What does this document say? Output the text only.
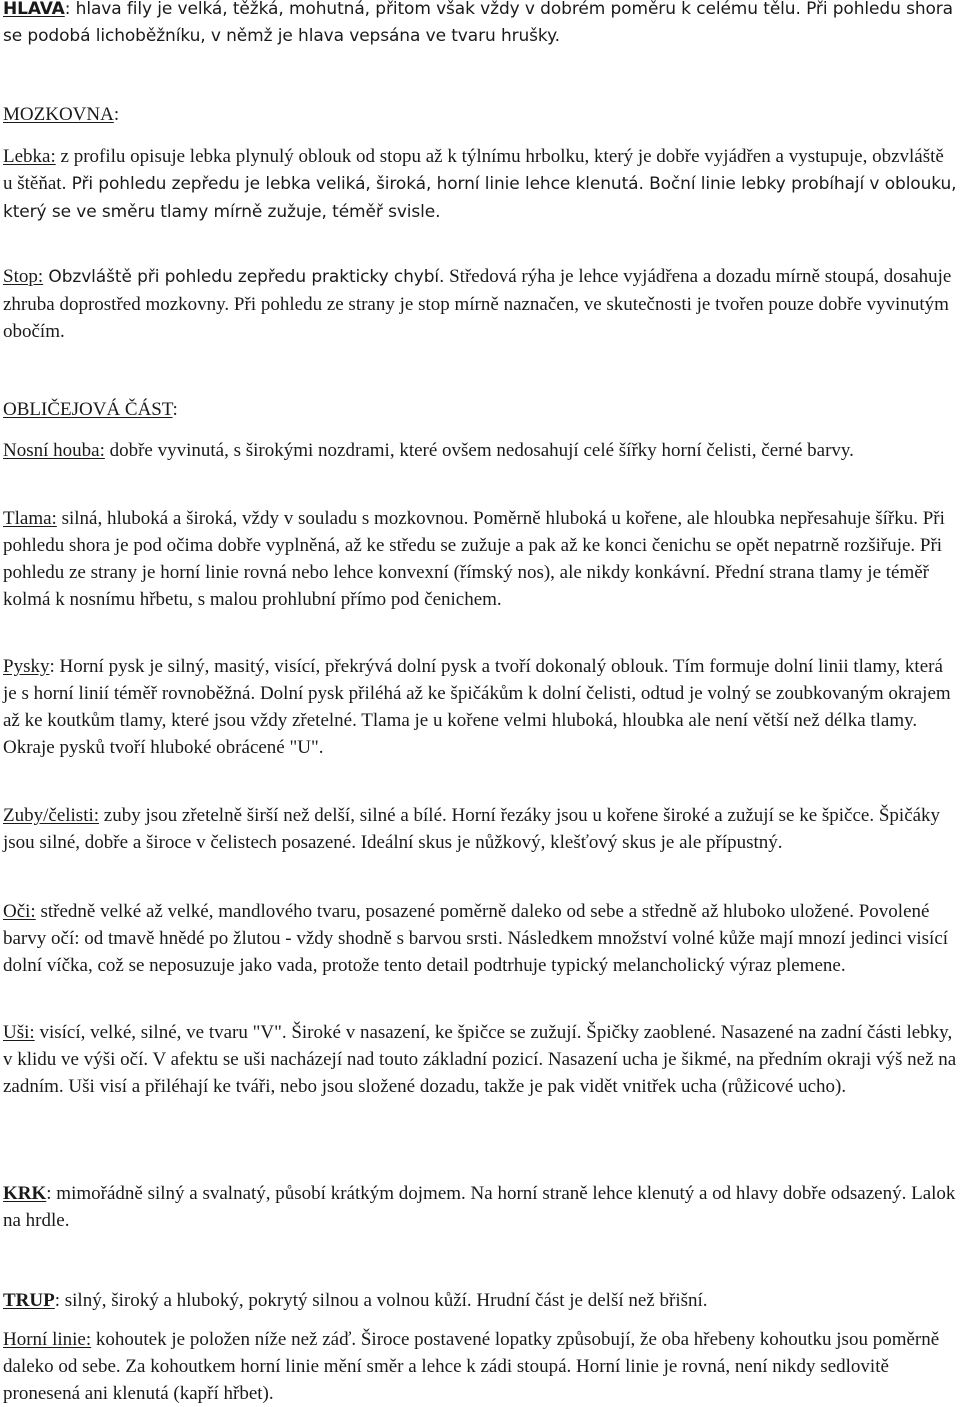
HLAVA: hlava fily je velká, těžká, mohutná, přitom však vždy v dobrém poměru k celému tělu. Při pohledu shora se podobá lichoběžníku, v němž je hlava vepsána ve tvaru hrušky.

MOZKOVNA:

Lebka: z profilu opisuje lebka plynulý oblouk od stopu až k týlnímu hrbolku, který je dobře vyjádřen a vystupuje, obzvláště u štěňat. Při pohledu zepředu je lebka veliká, široká, horní linie lehce klenutá. Boční linie lebky probíhají v oblouku, který se ve směru tlamy mírně zužuje, téměř svisle.

Stop: Obzvláště při pohledu zepředu prakticky chybí. Středová rýha je lehce vyjádřena a dozadu mírně stoupá, dosahuje zhruba doprostřed mozkovny. Při pohledu ze strany je stop mírně naznačen, ve skutečnosti je tvořen pouze dobře vyvinutým obočím.

OBLIČEJOVÁ ČÁST:

Nosní houba: dobře vyvinutá, s širokými nozdrami, které ovšem nedosahují celé šířky horní čelisti, černé barvy.

Tlama: silná, hluboká a široká, vždy v souladu s mozkovnou. Poměrně hluboká u kořene, ale hloubka nepřesahuje šířku. Při pohledu shora je pod očima dobře vyplněná, až ke středu se zužuje a pak až ke konci čenichu se opět nepatrně rozšiřuje. Při pohledu ze strany je horní linie rovná nebo lehce konvexní (římský nos), ale nikdy konkávní. Přední strana tlamy je téměř kolmá k nosnímu hřbetu, s malou prohlubní přímo pod čenichem.

Pysky: Horní pysk je silný, masitý, visící, překrývá dolní pysk a tvoří dokonalý oblouk. Tím formuje dolní linii tlamy, která je s horní linií téměř rovnoběžná. Dolní pysk přiléhá až ke špičákům k dolní čelisti, odtud je volný se zoubkovaným okrajem až ke koutkům tlamy, které jsou vždy zřetelné. Tlama je u kořene velmi hluboká, hloubka ale není větší než délka tlamy. Okraje pysků tvoří hluboké obrácené "U".

Zuby/čelisti: zuby jsou zřetelně širší než delší, silné a bílé. Horní řezáky jsou u kořene široké a zužují se ke špičce. Špičáky jsou silné, dobře a široce v čelistech posazené. Ideální skus je nůžkový, klešťový skus je ale přípustný.

Oči: středně velké až velké, mandlového tvaru, posazené poměrně daleko od sebe a středně až hluboko uložené. Povolené barvy očí: od tmavě hnědé po žlutou - vždy shodně s barvou srsti. Následkem množství volné kůže mají mnozí jedinci visící dolní víčka, což se neposuzuje jako vada, protože tento detail podtrhuje typický melancholický výraz plemene.

Uši: visící, velké, silné, ve tvaru "V". Široké v nasazení, ke špičce se zužují. Špičky zaoblené. Nasazené na zadní části lebky, v klidu ve výši očí. V afektu se uši nacházejí nad touto základní pozicí. Nasazení ucha je šikmé, na předním okraji výš než na zadním. Uši visí a přiléhají ke tváři, nebo jsou složené dozadu, takže je pak vidět vnitřek ucha (růžicové ucho).

KRK: mimořádně silný a svalnatý, působí krátkým dojmem. Na horní straně lehce klenutý a od hlavy dobře odsazený. Lalok na hrdle.

TRUP: silný, široký a hluboký, pokrytý silnou a volnou kůží. Hrudní část je delší než břišní.

Horní linie: kohoutek je položen níže než záď. Široce postavené lopatky způsobují, že oba hřebeny kohoutku jsou poměrně daleko od sebe. Za kohoutkem horní linie mění směr a lehce k zádi stoupá. Horní linie je rovná, není nikdy sedlovitě pronesená ani klenutá (kapří hřbet).
